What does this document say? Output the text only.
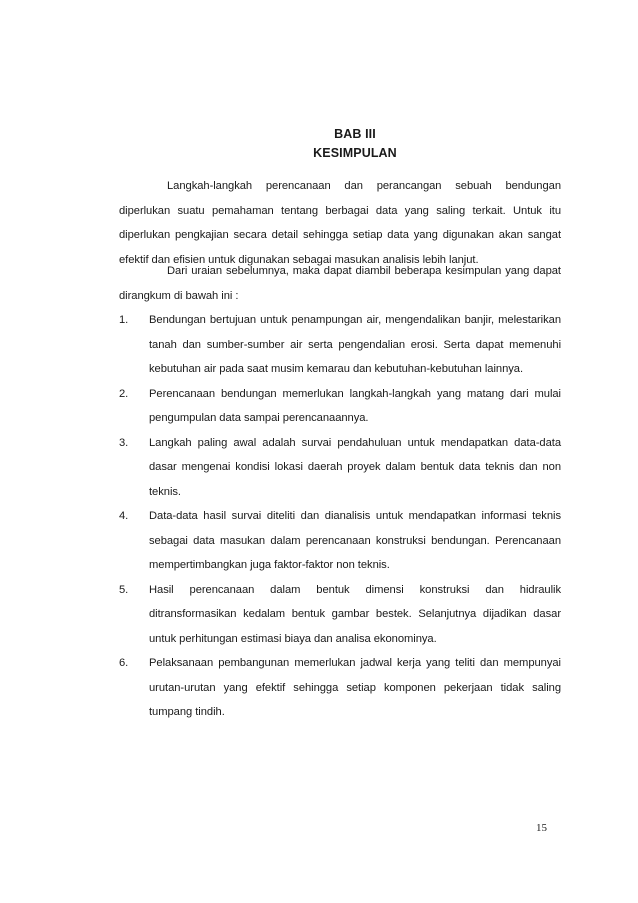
BAB III
KESIMPULAN

Langkah-langkah perencanaan dan perancangan sebuah bendungan diperlukan suatu pemahaman tentang berbagai data yang saling terkait. Untuk itu diperlukan pengkajian secara detail sehingga setiap data yang digunakan akan sangat efektif dan efisien untuk digunakan sebagai masukan analisis lebih lanjut.

Dari uraian sebelumnya, maka dapat diambil beberapa kesimpulan yang dapat dirangkum di bawah ini :

1. Bendungan bertujuan untuk penampungan air, mengendalikan banjir, melestarikan tanah dan sumber-sumber air serta pengendalian erosi. Serta dapat memenuhi kebutuhan air pada saat musim kemarau dan kebutuhan-kebutuhan lainnya.
2. Perencanaan bendungan memerlukan langkah-langkah yang matang dari mulai pengumpulan data sampai perencanaannya.
3. Langkah paling awal adalah survai pendahuluan untuk mendapatkan data-data dasar mengenai kondisi lokasi daerah proyek dalam bentuk data teknis dan non teknis.
4. Data-data hasil survai diteliti dan dianalisis untuk mendapatkan informasi teknis sebagai data masukan dalam perencanaan konstruksi bendungan. Perencanaan mempertimbangkan juga faktor-faktor non teknis.
5. Hasil perencanaan dalam bentuk dimensi konstruksi dan hidraulik ditransformasikan kedalam bentuk gambar bestek. Selanjutnya dijadikan dasar untuk perhitungan estimasi biaya dan analisa ekonominya.
6. Pelaksanaan pembangunan memerlukan jadwal kerja yang teliti dan mempunyai urutan-urutan yang efektif sehingga setiap komponen pekerjaan tidak saling tumpang tindih.
15
